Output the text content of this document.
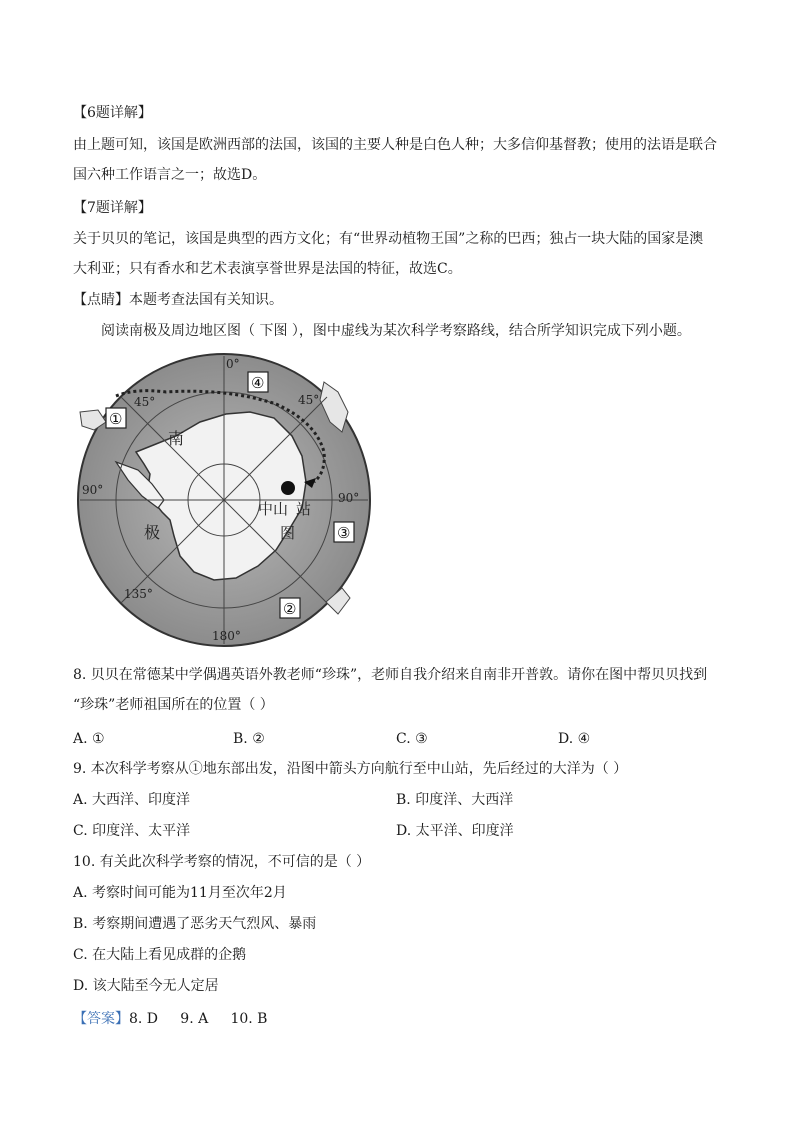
【6题详解】
由上题可知，该国是欧洲西部的法国，该国的主要人种是白色人种；大多信仰基督教；使用的法语是联合
国六种工作语言之一；故选D。
【7题详解】
关于贝贝的笔记，该国是典型的西方文化；有“世界动植物王国”之称的巴西；独占一块大陆的国家是澳
大利亚；只有香水和艺术表演享誉世界是法国的特征，故选C。
【点睛】本题考查法国有关知识。
阅读南极及周边地区图（ 下图 ），图中虚线为某次科学考察路线，结合所学知识完成下列小题。
0°
45°
45°
90°
90°
135°
180°
南
极
中山 站
图
④
①
③
②
8. 贝贝在常德某中学偶遇英语外教老师“珍珠”，老师自我介绍来自南非开普敦。请你在图中帮贝贝找到
“珍珠”老师祖国所在的位置（ ）
A. ①	B. ②	C. ③	D. ④
9. 本次科学考察从①地东部出发，沿图中箭头方向航行至中山站，先后经过的大洋为（ ）
A. 大西洋、印度洋	B. 印度洋、大西洋
C. 印度洋、太平洋	D. 太平洋、印度洋
10. 有关此次科学考察的情况，不可信的是（ ）
A. 考察时间可能为11月至次年2月
B. 考察期间遭遇了恶劣天气烈风、暴雨
C. 在大陆上看见成群的企鹅
D. 该大陆至今无人定居
【答案】8. D     9. A     10. B
